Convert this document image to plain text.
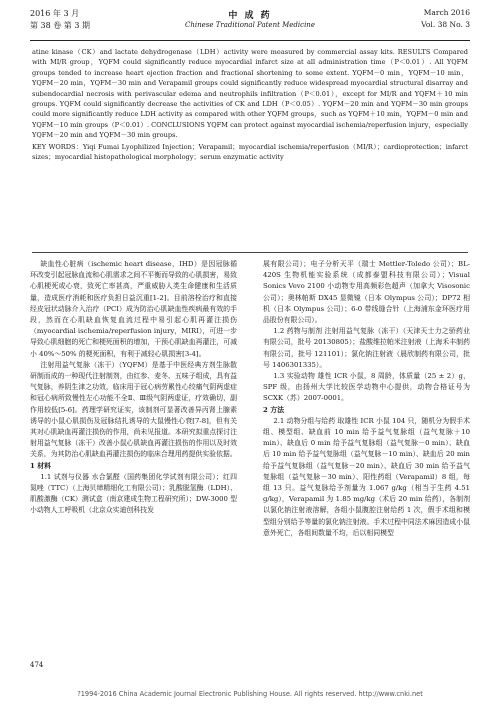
2016 年 3 月
第 38 卷 第 3 期
中 成 药
Chinese Traditional Patent Medicine
March 2016
Vol. 38 No. 3

atine kinase（CK）and lactate dehydrogenase（LDH）activity were measured by commercial assay kits. RESULTS Compared with MI/R group，YQFM could significantly reduce myocardial infarct size at all administration time（P＜0.01）. All YQFM groups tended to increase heart ejection fraction and fractional shortening to some extent. YQFM－0 min，YQFM－10 min，YQFM－20 min，YQFM－30 min and Verapamil groups could significantly reduce widespread myocardial structural disarray and subendocardial necrosis with perivascular edema and neutrophils infiltration（P＜0.01），except for MI/R and YQFM＋10 min groups. YQFM could significantly decrease the activities of CK and LDH（P＜0.05）. YQFM－20 min and YQFM－30 min groups could more significantly reduce LDH activity as compared with other YQFM groups，such as YQFM＋10 min，YQFM－0 min and YQFM－10 min groups（P＜0.01）. CONCLUSIONS YQFM can protect against myocardial ischemia/reperfusion injury，especially YQFM－20 min and YQFM－30 min groups.

KEY WORDS：Yiqi Fumai Lyophilized Injection；Verapamil；myocardial ischemia/reperfusion（MI/R）；cardioprotection；infarct sizes；myocardial histopathological morphology；serum enzymatic activity

缺血性心脏病（ischemic heart disease，IHD）是因冠脉循环改变引起冠脉血流和心肌需求之间不平衡而导致的心肌损害，易致心肌梗死或心衰，致死亡率甚高，严重威胁人类生命健康和生活质量，造成医疗消耗和医疗负担日益沉重[1-2]。目前溶栓治疗和直接经皮冠状动脉介入治疗（PCI）成为防治心肌缺血性疾病最有效的手段，然而在心肌缺血恢复血流过程中易引起心肌再灌注损伤（myocardial ischemia/reperfusion injury，MIRI），可进一步导致心肌细胞的死亡和梗死面积的增加，干预心肌缺血再灌注，可减小 40%～50% 的梗死面积，有利于减轻心肌损害[3-4]。

注射用益气复脉（冻干）（YQFM）是基于中医经典方剂生脉散研制而成的一种现代注射制剂，由红参、麦冬、五味子组成，具有益气复脉，养阴生津之功效，临床用于冠心病劳累性心绞痛气阴两虚症和冠心病所致慢性左心功能不全Ⅱ、Ⅲ级气阴两虚证，疗效确切，副作用较低[5-6]。药理学研究证实，该制剂可显著改善异丙肾上腺素诱导的小鼠心肌损伤及冠脉结扎诱导的大鼠慢性心衰[7-8]，但有关其对心肌缺血再灌注损伤的作用，尚未见报道。本研究拟重点探讨注射用益气复脉（冻干）改善小鼠心肌缺血再灌注损伤的作用以及时效关系，为其防治心肌缺血再灌注损伤的临床合理用药提供实验依据。

1 材料

1.1 试剂与仪器 水合氯醛（国药集团化学试剂有限公司）；红四氮唑（TTC）（上海贝缔精细化工有限公司）；乳酸脱氢酶（LDH）、肌酸激酶（CK）测试盒（南京建成生物工程研究所）；DW-3000 型小动物人工呼吸机（北京众实迪创科技发

展有限公司）；电子分析天平（瑞士 Mettler-Toledo 公司）；BL-420S 生物机能实验系统（成都泰盟科技有限公司）；Visual Sonics Vevo 2100 小动物专用高频彩色超声（加拿大 Visosonic 公司）；奥林帕斯 DX45 显微镜（日本 Olympus 公司）；DP72 相机（日本 Olympus 公司）；6-0 带线缝合针（上海浦东金环医疗用品股份有限公司）。

1.2 药物与制剂 注射用益气复脉（冻干）（天津天士力之骄药业有限公司，批号 20130805）；盐酸维拉帕米注射液（上海禾丰制药有限公司，批号 121101）；氯化钠注射液（晨欣制药有限公司，批号 1406301335）。

1.3 实验动物 雄性 ICR 小鼠，8 周龄，体质量（25 ± 2）g，SPF 级，由扬州大学比较医学动物中心提供，动物合格证号为 SCXK（苏）2007-0001。

2 方法

2.1 动物分组与给药 取雄性 ICR 小鼠 104 只，随机分为假手术组、模型组、缺血前 10 min 给予益气复脉组（益气复脉＋10 min）、缺血后 0 min 给予益气复脉组（益气复脉－0 min）、缺血后 10 min 给予益气复脉组（益气复脉－10 min）、缺血后 20 min 给予益气复脉组（益气复脉－20 min）、缺血后 30 min 给予益气复脉组（益气复脉－30 min）、阳性药组（Verapamil）8 组，每组 13 只。益气复脉给予剂量为 1.067 g/kg（相当于生药 4.51 g/kg），Verapamil 为 1.85 mg/kg（术后 20 min 给药），各制剂以氯化钠注射液溶解，各组小鼠腹腔注射给药 1 次，假手术组和模型组分别给予等量的氯化钠注射液。手术过程中同法术麻因造成小鼠意外死亡，各组间数量不均，后以相同模型

474
?1994-2016 China Academic Journal Electronic Publishing House. All rights reserved. http://www.cnki.net
